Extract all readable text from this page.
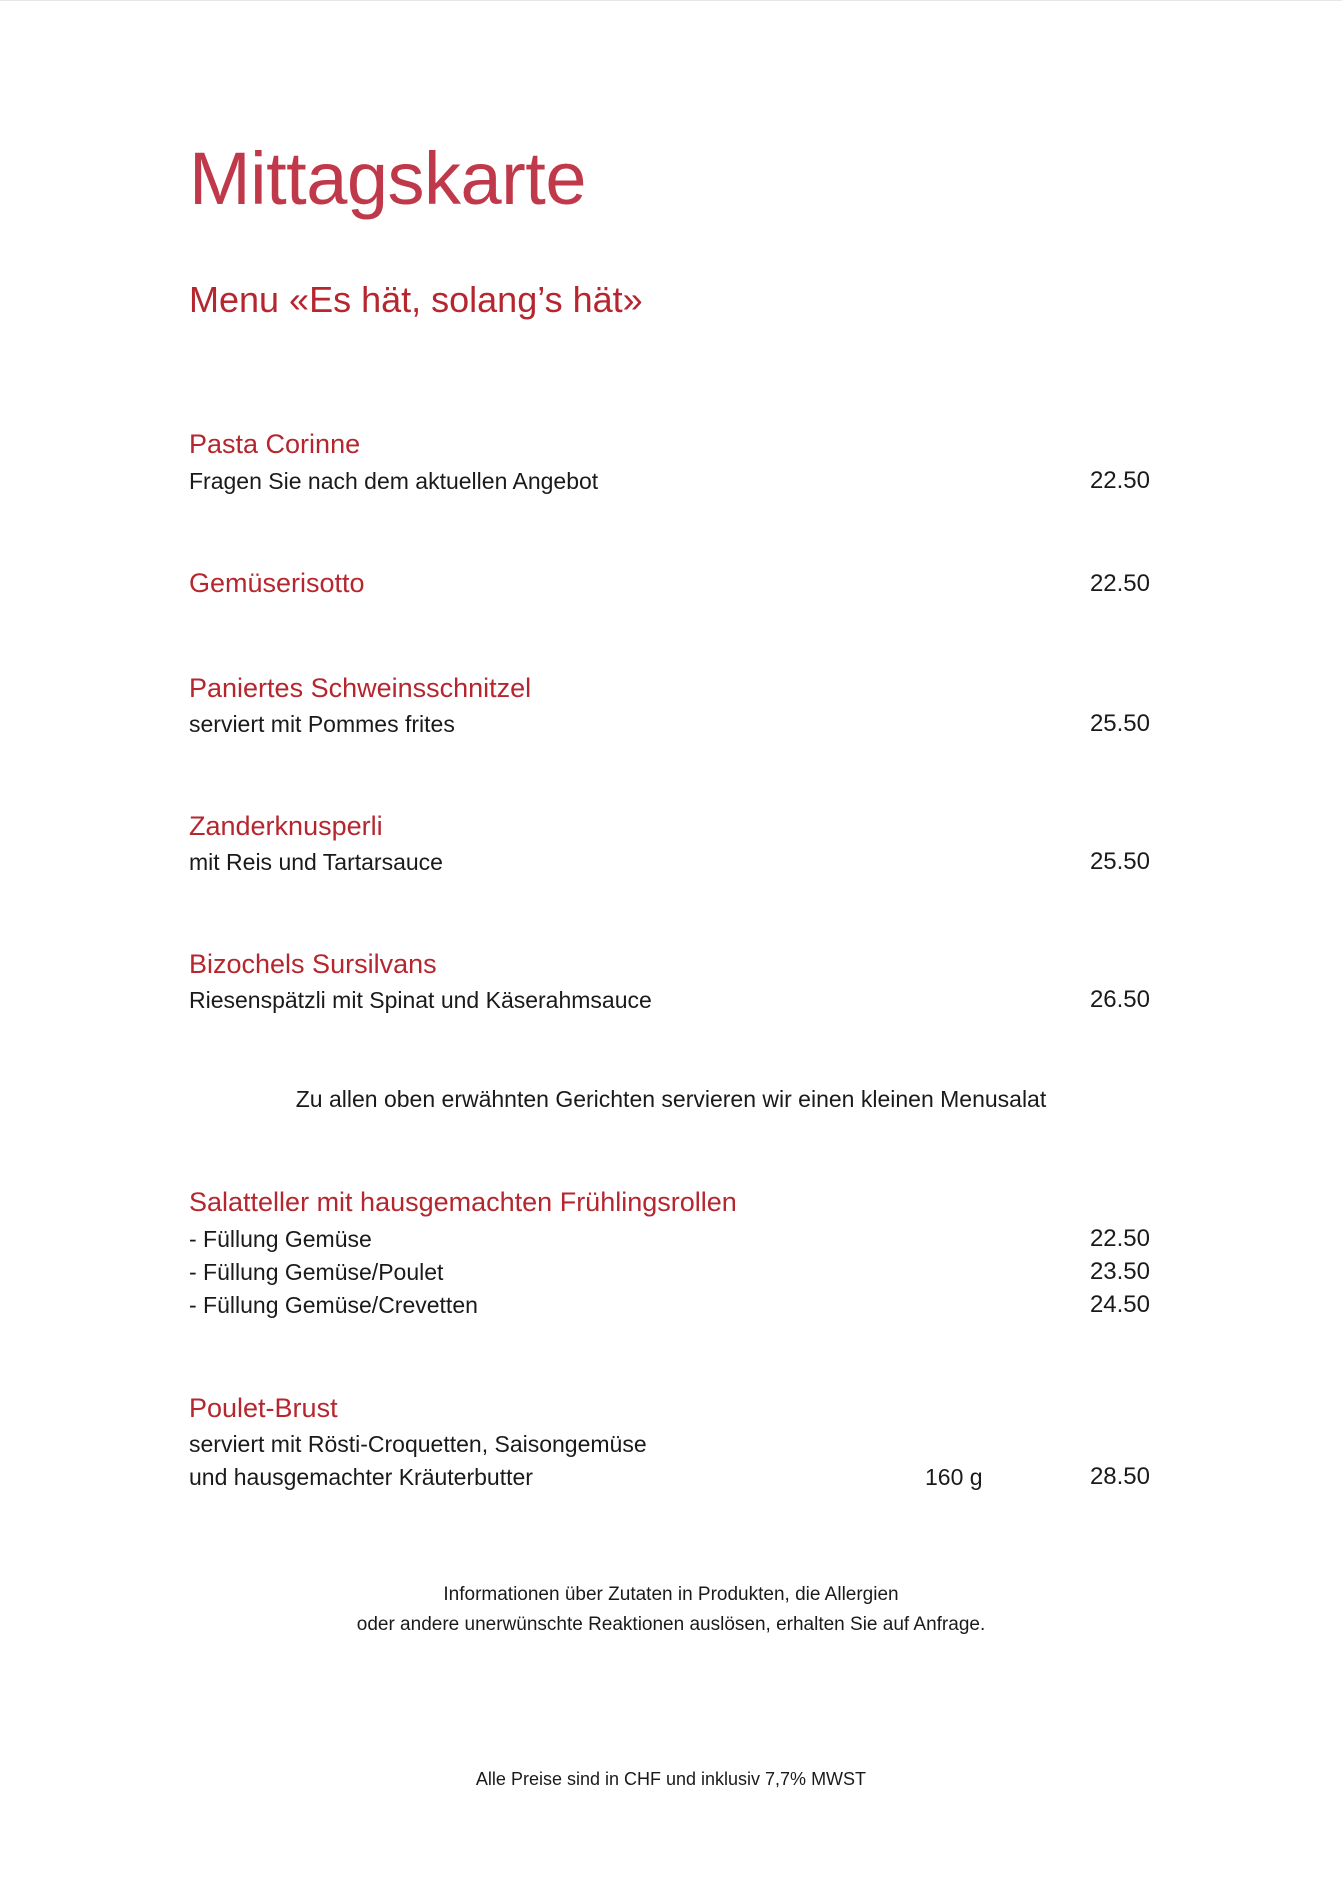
Mittagskarte
Menu «Es hät, solang’s hät»
Pasta Corinne
Fragen Sie nach dem aktuellen Angebot	22.50
Gemüserisotto	22.50
Paniertes Schweinsschnitzel
serviert mit Pommes frites	25.50
Zanderknusperli
mit Reis und Tartarsauce	25.50
Bizochels Sursilvans
Riesenspätzli mit Spinat und Käserahmsauce	26.50
Zu allen oben erwähnten Gerichten servieren wir einen kleinen Menusalat
Salatteller mit hausgemachten Frühlingsrollen
- Füllung Gemüse	22.50
- Füllung Gemüse/Poulet	23.50
- Füllung Gemüse/Crevetten	24.50
Poulet-Brust
serviert mit Rösti-Croquetten, Saisongemüse
und hausgemachter Kräuterbutter	160 g	28.50
Informationen über Zutaten in Produkten, die Allergien
oder andere unerwünschte Reaktionen auslösen, erhalten Sie auf Anfrage.
Alle Preise sind in CHF und inklusiv 7,7% MWST
